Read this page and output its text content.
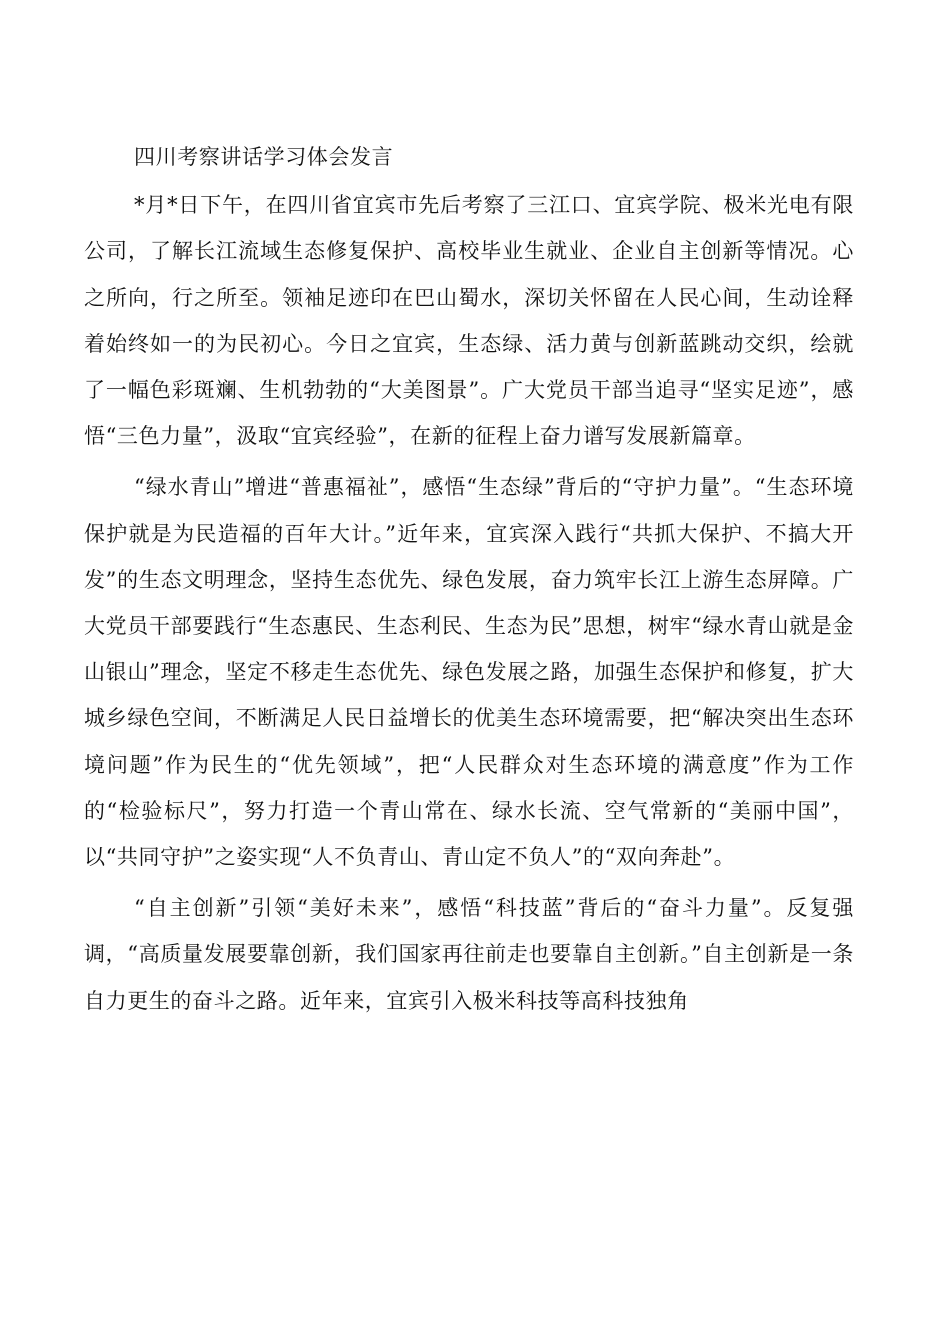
四川考察讲话学习体会发言

*月*日下午，在四川省宜宾市先后考察了三江口、宜宾学院、极米光电有限公司，了解长江流域生态修复保护、高校毕业生就业、企业自主创新等情况。心之所向，行之所至。领袖足迹印在巴山蜀水，深切关怀留在人民心间，生动诠释着始终如一的为民初心。今日之宜宾，生态绿、活力黄与创新蓝跳动交织，绘就了一幅色彩斑斓、生机勃勃的“大美图景”。广大党员干部当追寻“坚实足迹”，感悟“三色力量”，汲取“宜宾经验”，在新的征程上奋力谱写发展新篇章。

“绿水青山”增进“普惠福祉”，感悟“生态绿”背后的“守护力量”。“生态环境保护就是为民造福的百年大计。”近年来，宜宾深入践行“共抓大保护、不搞大开发”的生态文明理念，坚持生态优先、绿色发展，奋力筑牢长江上游生态屏障。广大党员干部要践行“生态惠民、生态利民、生态为民”思想，树牢“绿水青山就是金山银山”理念，坚定不移走生态优先、绿色发展之路，加强生态保护和修复，扩大城乡绿色空间，不断满足人民日益增长的优美生态环境需要，把“解决突出生态环境问题”作为民生的“优先领域”，把“人民群众对生态环境的满意度”作为工作的“检验标尺”，努力打造一个青山常在、绿水长流、空气常新的“美丽中国”，以“共同守护”之姿实现“人不负青山、青山定不负人”的“双向奔赴”。

“自主创新”引领“美好未来”，感悟“科技蓝”背后的“奋斗力量”。反复强调，“高质量发展要靠创新，我们国家再往前走也要靠自主创新。”自主创新是一条自力更生的奋斗之路。近年来，宜宾引入极米科技等高科技独角
